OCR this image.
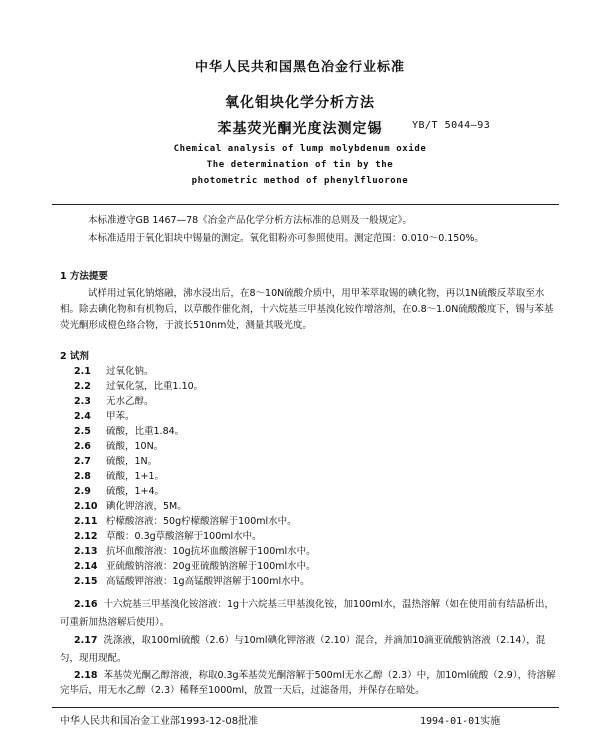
中华人民共和国黑色冶金行业标准
氧化钼块化学分析方法
苯基荧光酮光度法测定锡	YB/T 5044—93
Chemical analysis of lump molybdenum oxide
The determination of tin by the
photometric method of phenylfluorone
本标准遵守GB 1467—78《冶金产品化学分析方法标准的总则及一般规定》。
本标准适用于氧化钼块中锡量的测定。氧化钼粉亦可参照使用。测定范围：0.010～0.150%。
1 方法提要
试样用过氧化钠熔融，沸水浸出后，在8～10N硫酸介质中，用甲苯萃取锡的碘化物，再以1N硫酸反萃取至水相。除去碘化物和有机物后，以草酸作催化剂，十六烷基三甲基溴化铵作增溶剂，在0.8～1.0N硫酸酸度下，锡与苯基荧光酮形成橙色络合物，于波长510nm处，测量其吸光度。
2 试剂
2.1 过氧化钠。
2.2 过氧化氢，比重1.10。
2.3 无水乙醇。
2.4 甲苯。
2.5 硫酸，比重1.84。
2.6 硫酸，10N。
2.7 硫酸，1N。
2.8 硫酸，1+1。
2.9 硫酸，1+4。
2.10 碘化钾溶液，5M。
2.11 柠檬酸溶液：50g柠檬酸溶解于100ml水中。
2.12 草酸：0.3g草酸溶解于100ml水中。
2.13 抗坏血酸溶液：10g抗坏血酸溶解于100ml水中。
2.14 亚硫酸钠溶液：20g亚硫酸钠溶解于100ml水中。
2.15 高锰酸钾溶液：1g高锰酸钾溶解于100ml水中。
2.16 十六烷基三甲基溴化铵溶液：1g十六烷基三甲基溴化铵，加100ml水，温热溶解（如在使用前有结晶析出，可重新加热溶解后使用）。
2.17 洗涤液，取100ml硫酸（2.6）与10ml碘化钾溶液（2.10）混合，并滴加10滴亚硫酸钠溶液（2.14），混匀，现用现配。
2.18 苯基荧光酮乙醇溶液，称取0.3g苯基荧光酮溶解于500ml无水乙醇（2.3）中，加10ml硫酸（2.9），待溶解完毕后，用无水乙醇（2.3）稀释至1000ml，放置一天后，过滤备用，并保存在暗处。
中华人民共和国冶金工业部1993-12-08批准	1994-01-01实施
